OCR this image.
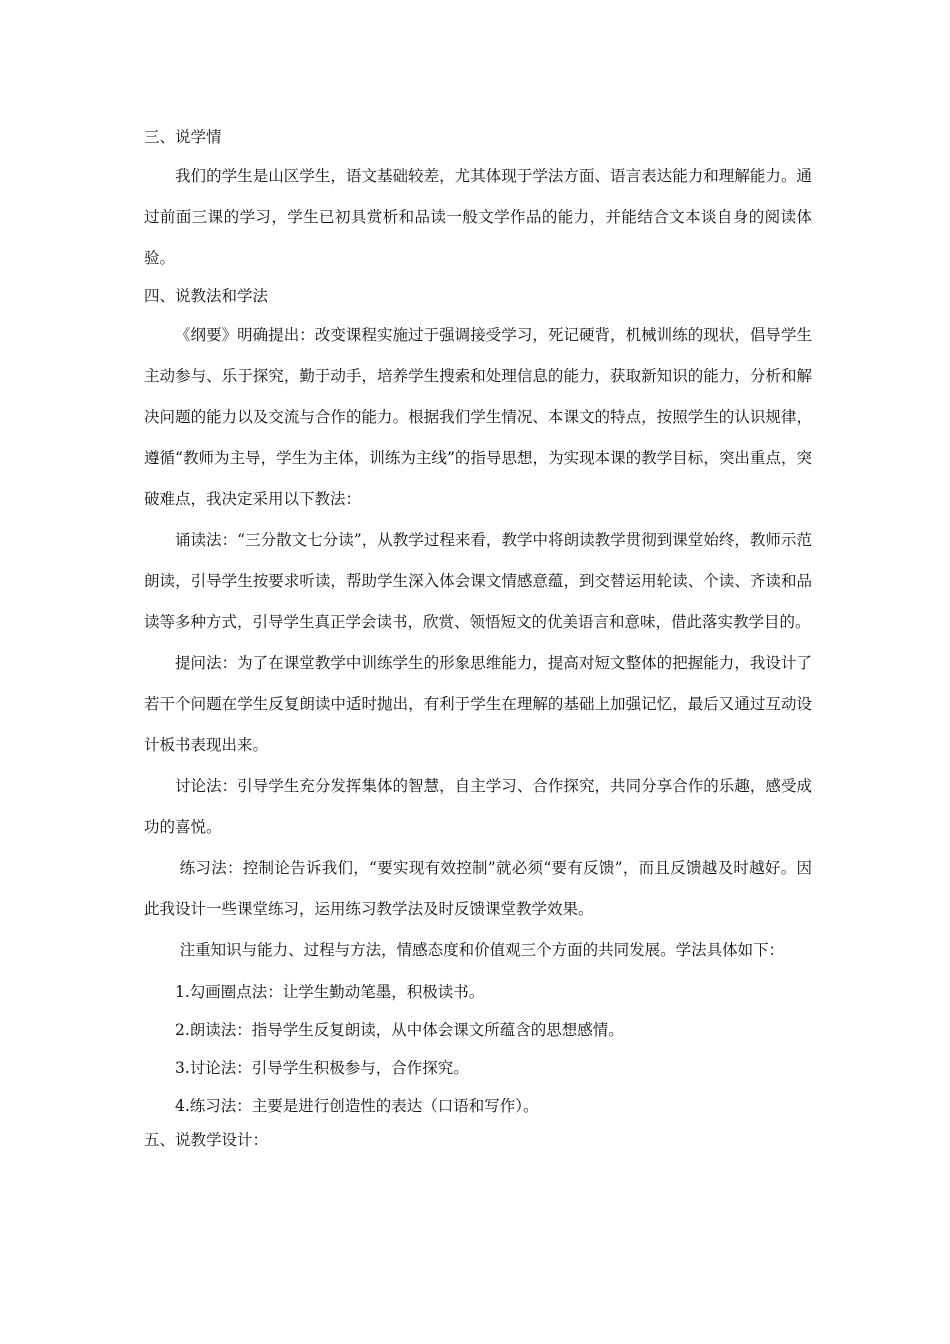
三、说学情

我们的学生是山区学生，语文基础较差，尤其体现于学法方面、语言表达能力和理解能力。通过前面三课的学习，学生已初具赏析和品读一般文学作品的能力，并能结合文本谈自身的阅读体验。

四、说教法和学法

《纲要》明确提出：改变课程实施过于强调接受学习，死记硬背，机械训练的现状，倡导学生主动参与、乐于探究，勤于动手，培养学生搜索和处理信息的能力，获取新知识的能力，分析和解决问题的能力以及交流与合作的能力。根据我们学生情况、本课文的特点，按照学生的认识规律，遵循“教师为主导，学生为主体，训练为主线”的指导思想，为实现本课的教学目标，突出重点，突破难点，我决定采用以下教法：

诵读法：“三分散文七分读”，从教学过程来看，教学中将朗读教学贯彻到课堂始终，教师示范朗读，引导学生按要求听读，帮助学生深入体会课文情感意蕴，到交替运用轮读、个读、齐读和品读等多种方式，引导学生真正学会读书，欣赏、领悟短文的优美语言和意味，借此落实教学目的。

提问法：为了在课堂教学中训练学生的形象思维能力，提高对短文整体的把握能力，我设计了若干个问题在学生反复朗读中适时抛出，有利于学生在理解的基础上加强记忆，最后又通过互动设计板书表现出来。

讨论法：引导学生充分发挥集体的智慧，自主学习、合作探究，共同分享合作的乐趣，感受成功的喜悦。

练习法：控制论告诉我们，“要实现有效控制”就必须“要有反馈”，而且反馈越及时越好。因此我设计一些课堂练习，运用练习教学法及时反馈课堂教学效果。

注重知识与能力、过程与方法，情感态度和价值观三个方面的共同发展。学法具体如下：

1.勾画圈点法：让学生勤动笔墨，积极读书。
2.朗读法：指导学生反复朗读，从中体会课文所蕴含的思想感情。
3.讨论法：引导学生积极参与，合作探究。
4.练习法：主要是进行创造性的表达（口语和写作）。
五、说教学设计：
